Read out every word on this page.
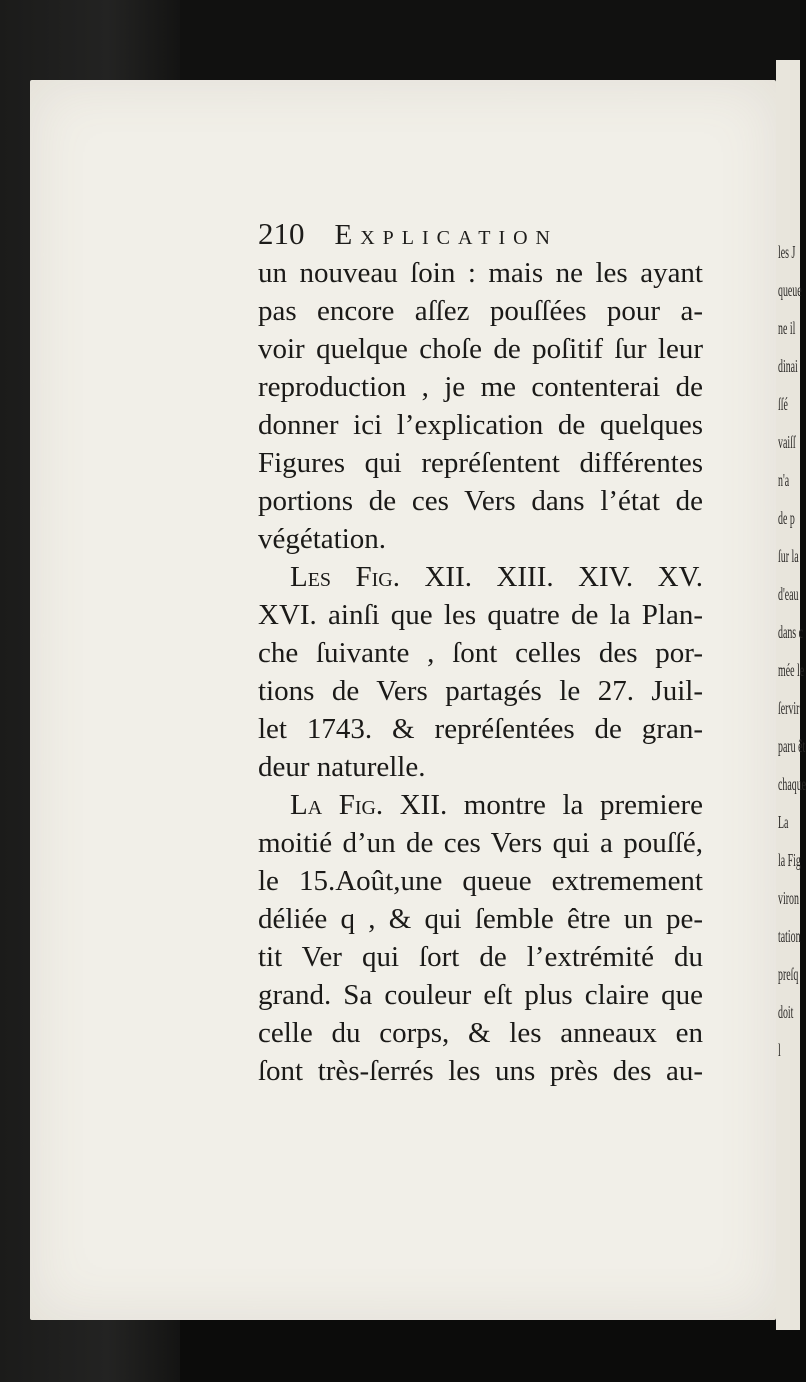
les J
queue
ne il
dinai
ſſé
vaiſſ
n'a
de p
ſur la
d'eau
dans c
mée le
ſervir
paru êt
chaque
La
la Fig
viron
tation
preſq
doit
l
210 Explication
un nouveau ſoin : mais ne les ayant
pas encore aſſez pouſſées pour a-
voir quelque choſe de poſitif ſur leur
reproduction , je me contenterai de
donner ici l’explication de quelques
Figures qui repréſentent différentes
portions de ces Vers dans l’état de
végétation.
Les Fig. XII. XIII. XIV. XV.
XVI. ainſi que les quatre de la Plan-
che ſuivante , ſont celles des por-
tions de Vers partagés le 27. Juil-
let 1743. & repréſentées de gran-
deur naturelle.
La Fig. XII. montre la premiere
moitié d’un de ces Vers qui a pouſſé,
le 15.Août,une queue extremement
déliée q , & qui ſemble être un pe-
tit Ver qui ſort de l’extrémité du
grand. Sa couleur eſt plus claire que
celle du corps, & les anneaux en
ſont très-ſerrés les uns près des au-
